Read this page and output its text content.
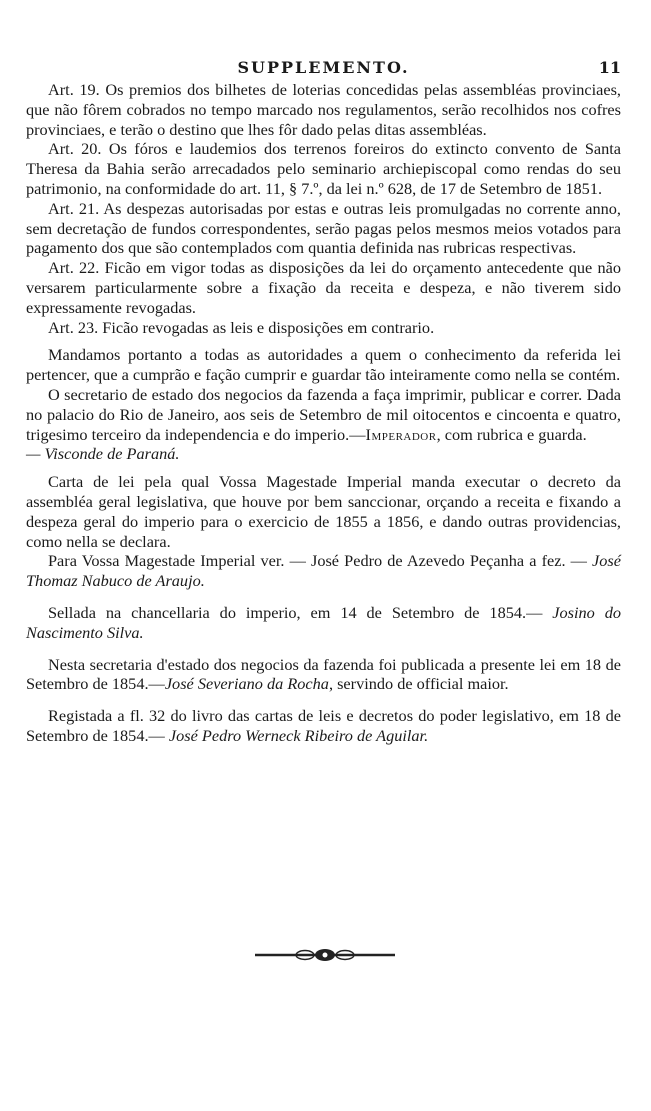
SUPPLEMENTO.	11

Art. 19. Os premios dos bilhetes de loterias concedidas pelas assembléas provinciaes, que não fôrem cobrados no tempo marcado nos regulamentos, serão recolhidos nos cofres provinciaes, e terão o destino que lhes fôr dado pelas ditas assembléas.

Art. 20. Os fóros e laudemios dos terrenos foreiros do extincto convento de Santa Theresa da Bahia serão arrecadados pelo seminario archiepiscopal como rendas do seu patrimonio, na conformidade do art. 11, § 7.º, da lei n.º 628, de 17 de Setembro de 1851.

Art. 21. As despezas autorisadas por estas e outras leis promulgadas no corrente anno, sem decretação de fundos correspondentes, serão pagas pelos mesmos meios votados para pagamento dos que são contemplados com quantia definida nas rubricas respectivas.

Art. 22. Ficão em vigor todas as disposições da lei do orçamento antecedente que não versarem particularmente sobre a fixação da receita e despeza, e não tiverem sido expressamente revogadas.

Art. 23. Ficão revogadas as leis e disposições em contrario.

Mandamos portanto a todas as autoridades a quem o conhecimento da referida lei pertencer, que a cumprão e fação cumprir e guardar tão inteiramente como nella se contém.

O secretario de estado dos negocios da fazenda a faça imprimir, publicar e correr. Dada no palacio do Rio de Janeiro, aos seis de Setembro de mil oitocentos e cincoenta e quatro, trigesimo terceiro da independencia e do imperio.—Imperador, com rubrica e guarda.

— Visconde de Paraná.

Carta de lei pela qual Vossa Magestade Imperial manda executar o decreto da assembléa geral legislativa, que houve por bem sanccionar, orçando a receita e fixando a despeza geral do imperio para o exercicio de 1855 a 1856, e dando outras providencias, como nella se declara.

Para Vossa Magestade Imperial ver. — José Pedro de Azevedo Peçanha a fez. — José Thomaz Nabuco de Araujo.

Sellada na chancellaria do imperio, em 14 de Setembro de 1854.— Josino do Nascimento Silva.

Nesta secretaria d'estado dos negocios da fazenda foi publicada a presente lei em 18 de Setembro de 1854.—José Severiano da Rocha, servindo de official maior.

Registada a fl. 32 do livro das cartas de leis e decretos do poder legislativo, em 18 de Setembro de 1854.— José Pedro Werneck Ribeiro de Aguilar.
